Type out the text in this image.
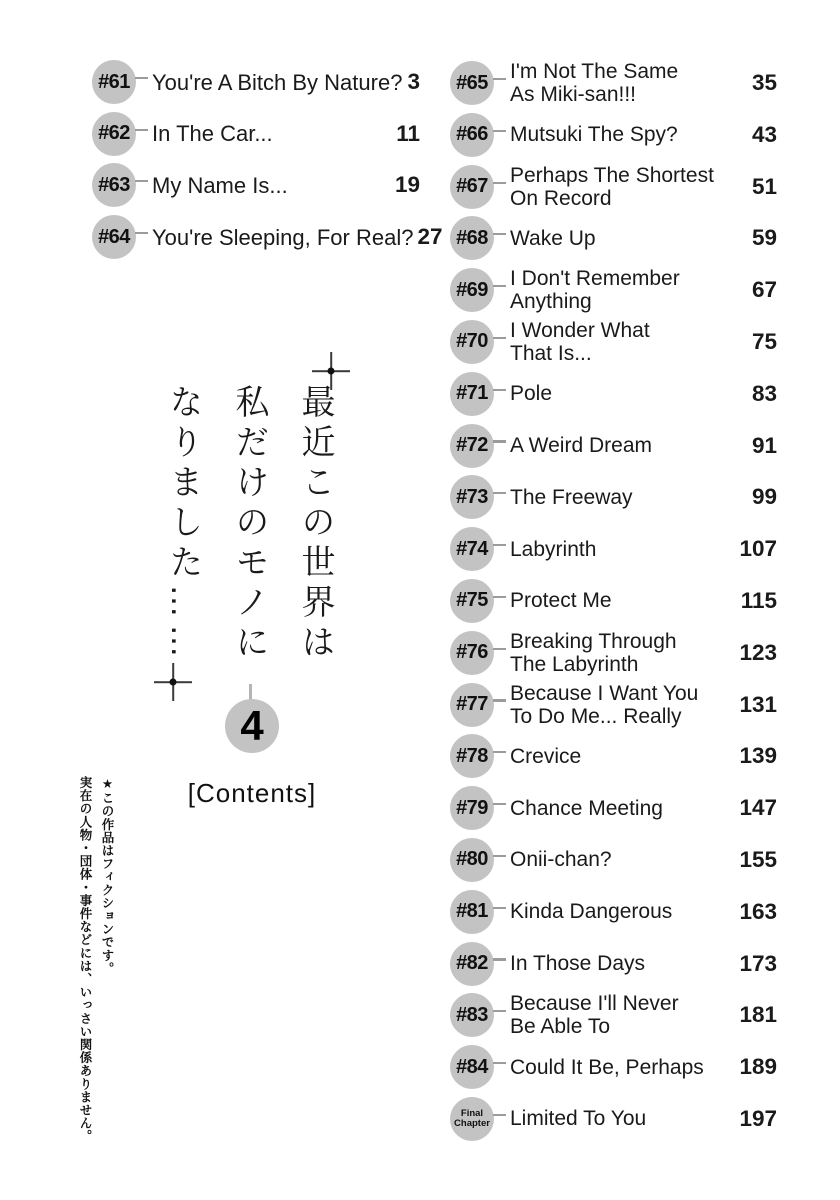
#61 You're A Bitch By Nature? 3
#62 In The Car...	11
#63 My Name Is...	19
#64 You're Sleeping, For Real? 27
#65 I'm Not The Same
As Miki-san!!!	35
#66 Mutsuki The Spy?	43
#67 Perhaps The Shortest
On Record	51
#68 Wake Up	59
#69 I Don't Remember
Anything	67
#70 I Wonder What
That Is...	75
#71 Pole	83
#72 A Weird Dream	91
#73 The Freeway	99
#74 Labyrinth	107
#75 Protect Me	115
#76 Breaking Through
The Labyrinth	123
#77 Because I Want You
To Do Me... Really	131
#78 Crevice	139
#79 Chance Meeting	147
#80 Onii-chan?	155
#81 Kinda Dangerous	163
#82 In Those Days	173
#83 Because I'll Never
Be Able To	181
#84 Could It Be, Perhaps	189
Final
Chapter Limited To You	197
最近この世界は
私だけのモノに
なりました……
4
[Contents]
★この作品はフィクションです。
実在の人物・団体・事件などには、いっさい関係ありません。
